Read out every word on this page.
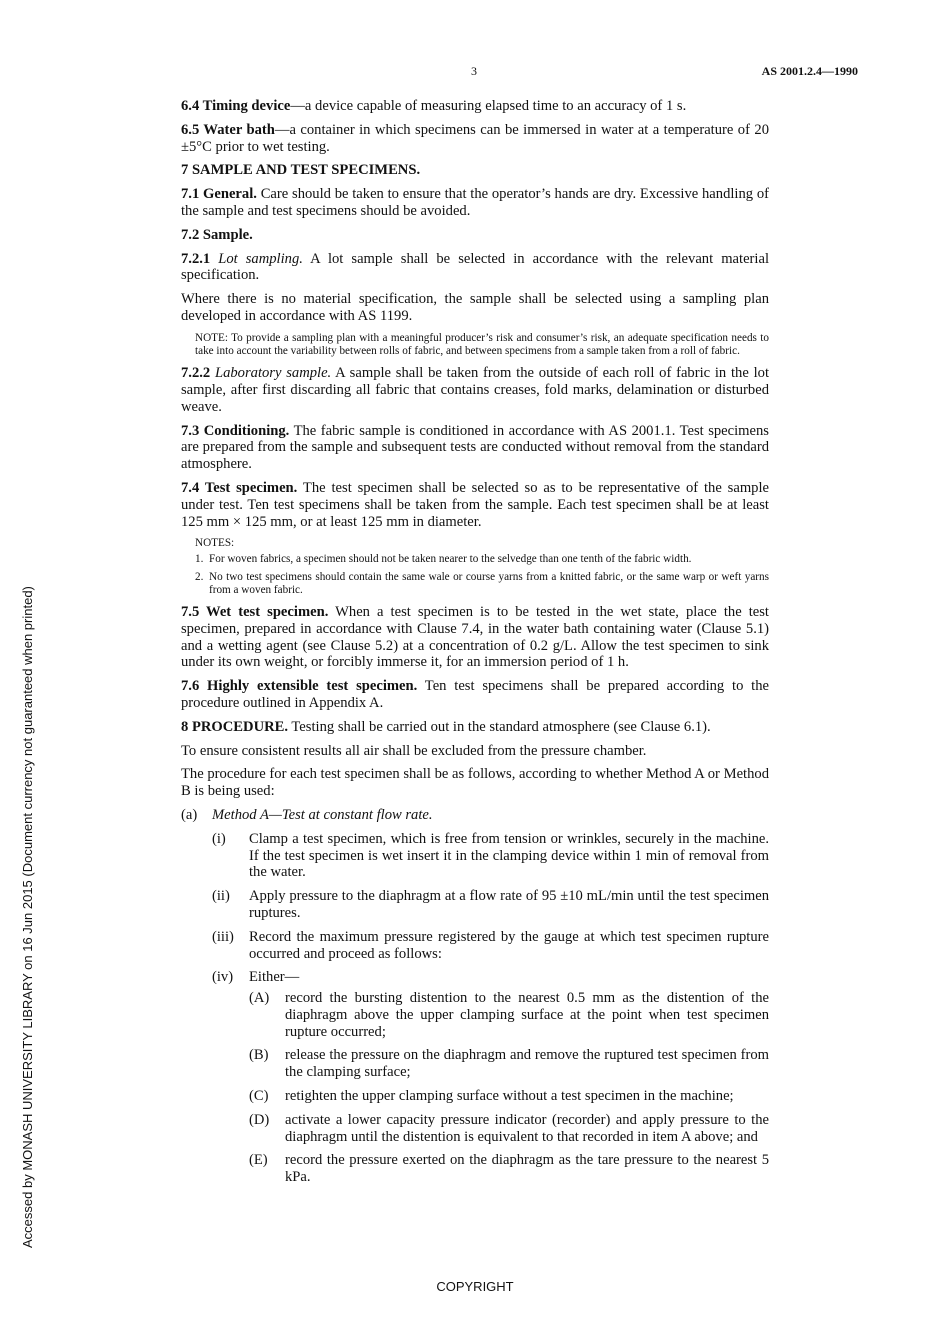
3	AS 2001.2.4—1990
Accessed by MONASH UNIVERSITY LIBRARY on 16 Jun 2015 (Document currency not guaranteed when printed)

6.4 Timing device—a device capable of measuring elapsed time to an accuracy of 1 s.

6.5 Water bath—a container in which specimens can be immersed in water at a temperature of 20 ±5°C prior to wet testing.

7 SAMPLE AND TEST SPECIMENS.

7.1 General. Care should be taken to ensure that the operator’s hands are dry. Excessive handling of the sample and test specimens should be avoided.

7.2 Sample.

7.2.1 Lot sampling. A lot sample shall be selected in accordance with the relevant material specification.

Where there is no material specification, the sample shall be selected using a sampling plan developed in accordance with AS 1199.

NOTE: To provide a sampling plan with a meaningful producer’s risk and consumer’s risk, an adequate specification needs to take into account the variability between rolls of fabric, and between specimens from a sample taken from a roll of fabric.

7.2.2 Laboratory sample. A sample shall be taken from the outside of each roll of fabric in the lot sample, after first discarding all fabric that contains creases, fold marks, delamination or disturbed weave.

7.3 Conditioning. The fabric sample is conditioned in accordance with AS 2001.1. Test specimens are prepared from the sample and subsequent tests are conducted without removal from the standard atmosphere.

7.4 Test specimen. The test specimen shall be selected so as to be representative of the sample under test. Ten test specimens shall be taken from the sample. Each test specimen shall be at least 125 mm × 125 mm, or at least 125 mm in diameter.

NOTES:
1. For woven fabrics, a specimen should not be taken nearer to the selvedge than one tenth of the fabric width.
2. No two test specimens should contain the same wale or course yarns from a knitted fabric, or the same warp or weft yarns from a woven fabric.

7.5 Wet test specimen. When a test specimen is to be tested in the wet state, place the test specimen, prepared in accordance with Clause 7.4, in the water bath containing water (Clause 5.1) and a wetting agent (see Clause 5.2) at a concentration of 0.2 g/L. Allow the test specimen to sink under its own weight, or forcibly immerse it, for an immersion period of 1 h.

7.6 Highly extensible test specimen. Ten test specimens shall be prepared according to the procedure outlined in Appendix A.

8 PROCEDURE. Testing shall be carried out in the standard atmosphere (see Clause 6.1).

To ensure consistent results all air shall be excluded from the pressure chamber.

The procedure for each test specimen shall be as follows, according to whether Method A or Method B is being used:

(a)	Method A—Test at constant flow rate.
(i)	Clamp a test specimen, which is free from tension or wrinkles, securely in the machine. If the test specimen is wet insert it in the clamping device within 1 min of removal from the water.
(ii)	Apply pressure to the diaphragm at a flow rate of 95 ±10 mL/min until the test specimen ruptures.
(iii)	Record the maximum pressure registered by the gauge at which test specimen rupture occurred and proceed as follows:
(iv)	Either—
(A)	record the bursting distention to the nearest 0.5 mm as the distention of the diaphragm above the upper clamping surface at the point when test specimen rupture occurred;
(B)	release the pressure on the diaphragm and remove the ruptured test specimen from the clamping surface;
(C)	retighten the upper clamping surface without a test specimen in the machine;
(D)	activate a lower capacity pressure indicator (recorder) and apply pressure to the diaphragm until the distention is equivalent to that recorded in item A above; and
(E)	record the pressure exerted on the diaphragm as the tare pressure to the nearest 5 kPa.
COPYRIGHT
